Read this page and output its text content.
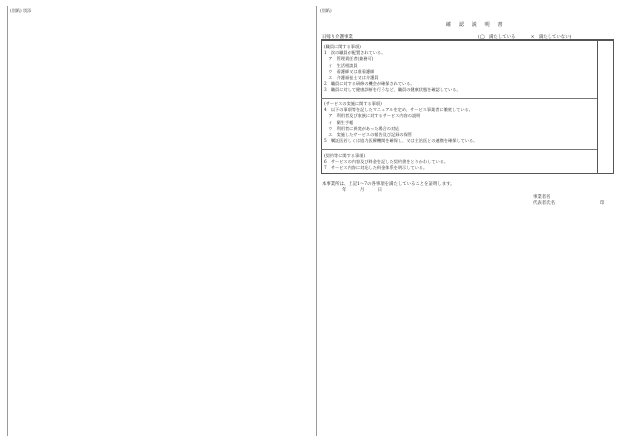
(別紙) 別添	(別紙)
確 認 説 明 書
日帰り介護事業	(◯　満たしている	×　満たしていない)
(職員に関する事項)
1　次の職員が配置されている。
　ア　管理責任者(兼務可)
　イ　生活相談員
　ウ　看護師又は准看護師
　エ　介護福祉士又は介護員
2　職員に対する研修の機会が確保されている。
3　職員に対して健康診断を行うなど、職員の健康状態を確認している。
(サービスの実施に関する事項)
4　以下の事項等を記したマニュアルを定め、サービス事業者に徹底している。
　ア　利用者及び家族に対するサービス内容の説明
　イ　衛生手帳
　ウ　利用者に異変があった場合の対応
　エ　実施したサービスの報告及び記録の保管
5　嘱託医若しくは協力医療機関を確保し、又は主治医との連携を確保している。
(契約等に関する事項)
6　サービスの内容及び料金を記した契約書をとりかわしている。
7　サービス内容に対応した料金体系を明示している。
本事業所は、上記1〜7の各事項を満たしていることを証明します。
年	月	日
事業者名
代表者氏名	印
